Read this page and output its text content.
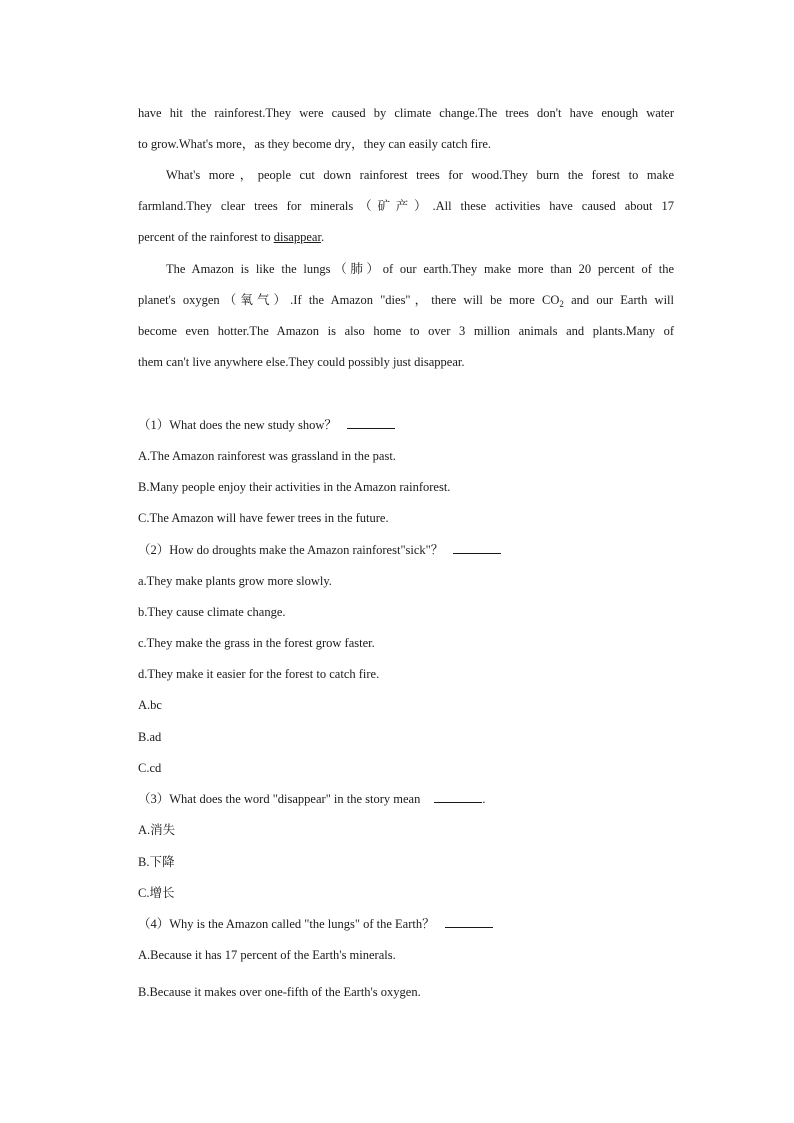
have hit the rainforest.They were caused by climate change.The trees don't have enough water
to grow.What's more，as they become dry，they can easily catch fire.
What's more，people cut down rainforest trees for wood.They burn the forest to make
farmland.They clear trees for minerals（矿产）.All these activities have caused about 17
percent of the rainforest to disappear.
The Amazon is like the lungs（肺）of our earth.They make more than 20 percent of the
planet's oxygen（氧气）.If the Amazon "dies"，there will be more $CO_2$ and our Earth will
become even hotter.The Amazon is also home to over 3 million animals and plants.Many of
them can't live anywhere else.They could possibly just disappear.
（1）What does the new study show？
A.The Amazon rainforest was grassland in the past.
B.Many people enjoy their activities in the Amazon rainforest.
C.The Amazon will have fewer trees in the future.
（2）How do droughts make the Amazon rainforest"sick"？
a.They make plants grow more slowly.
b.They cause climate change.
c.They make the grass in the forest grow faster.
d.They make it easier for the forest to catch fire.
A.bc
B.ad
C.cd
（3）What does the word "disappear" in the story mean	.
A.消失
B.下降
C.增长
（4）Why is the Amazon called "the lungs" of the Earth？
A.Because it has 17 percent of the Earth's minerals.
B.Because it makes over one-fifth of the Earth's oxygen.
